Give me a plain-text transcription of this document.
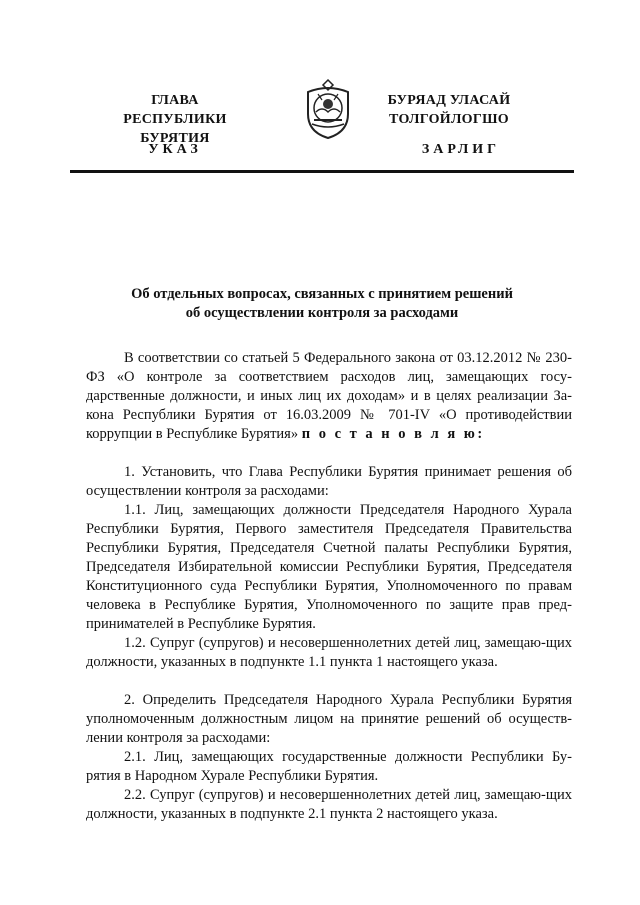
ГЛАВА
РЕСПУБЛИКИ БУРЯТИЯ
БУРЯАД УЛАСАЙ
ТОЛГОЙЛОГШО
УКАЗ	ЗАРЛИГ
Об отдельных вопросах, связанных с принятием решений
об осуществлении контроля за расходами

В соответствии со статьей 5 Федерального закона от 03.12.2012 № 230-ФЗ «О контроле за соответствием расходов лиц, замещающих госу-дарственные должности, и иных лиц их доходам» и в целях реализации За-кона Республики Бурятия от 16.03.2009 № 701-IV «О противодействии коррупции в Республике Бурятия» п о с т а н о в л я ю:

1. Установить, что Глава Республики Бурятия принимает решения об осуществлении контроля за расходами:

1.1. Лиц, замещающих должности Председателя Народного Хурала Республики Бурятия, Первого заместителя Председателя Правительства Республики Бурятия, Председателя Счетной палаты Республики Бурятия, Председателя Избирательной комиссии Республики Бурятия, Председателя Конституционного суда Республики Бурятия, Уполномоченного по правам человека в Республике Бурятия, Уполномоченного по защите прав пред-принимателей в Республике Бурятия.

1.2. Супруг (супругов) и несовершеннолетних детей лиц, замещаю-щих должности, указанных в подпункте 1.1 пункта 1 настоящего указа.

2. Определить Председателя Народного Хурала Республики Бурятия уполномоченным должностным лицом на принятие решений об осуществ-лении контроля за расходами:

2.1. Лиц, замещающих государственные должности Республики Бу-рятия в Народном Хурале Республики Бурятия.

2.2. Супруг (супругов) и несовершеннолетних детей лиц, замещаю-щих должности, указанных в подпункте 2.1 пункта 2 настоящего указа.
